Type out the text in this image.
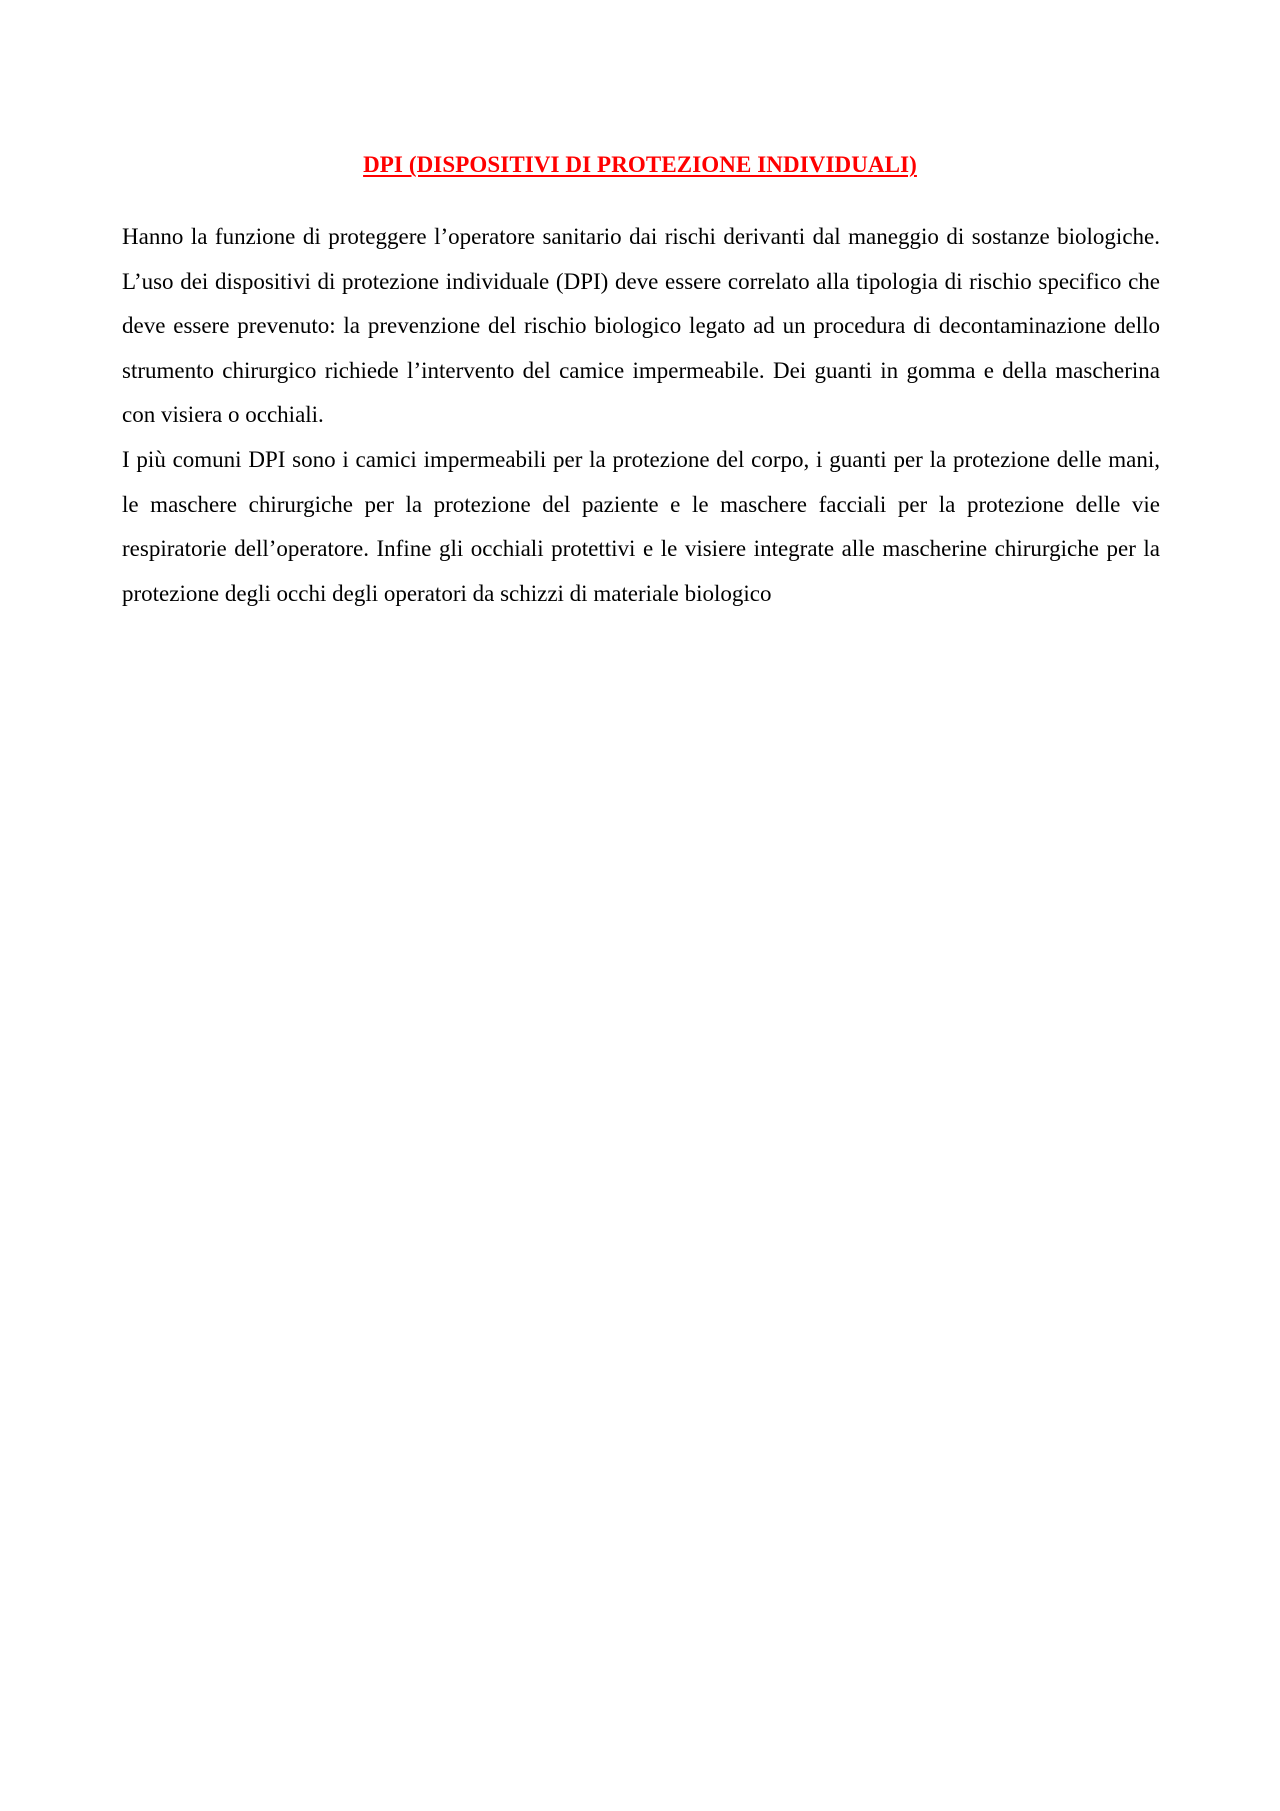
DPI (DISPOSITIVI DI PROTEZIONE INDIVIDUALI)

Hanno la funzione di proteggere l’operatore sanitario dai rischi derivanti dal maneggio di sostanze biologiche. L’uso dei dispositivi di protezione individuale (DPI) deve essere correlato alla tipologia di rischio specifico che deve essere prevenuto: la prevenzione del rischio biologico legato ad un procedura di decontaminazione dello strumento chirurgico richiede l’intervento del camice impermeabile. Dei guanti in gomma e della mascherina con visiera o occhiali.

I più comuni DPI sono i camici impermeabili per la protezione del corpo, i guanti per la protezione delle mani, le maschere chirurgiche per la protezione del paziente e le maschere facciali per la protezione delle vie respiratorie dell’operatore. Infine gli occhiali protettivi e le visiere integrate alle mascherine chirurgiche per la protezione degli occhi degli operatori da schizzi di materiale biologico
